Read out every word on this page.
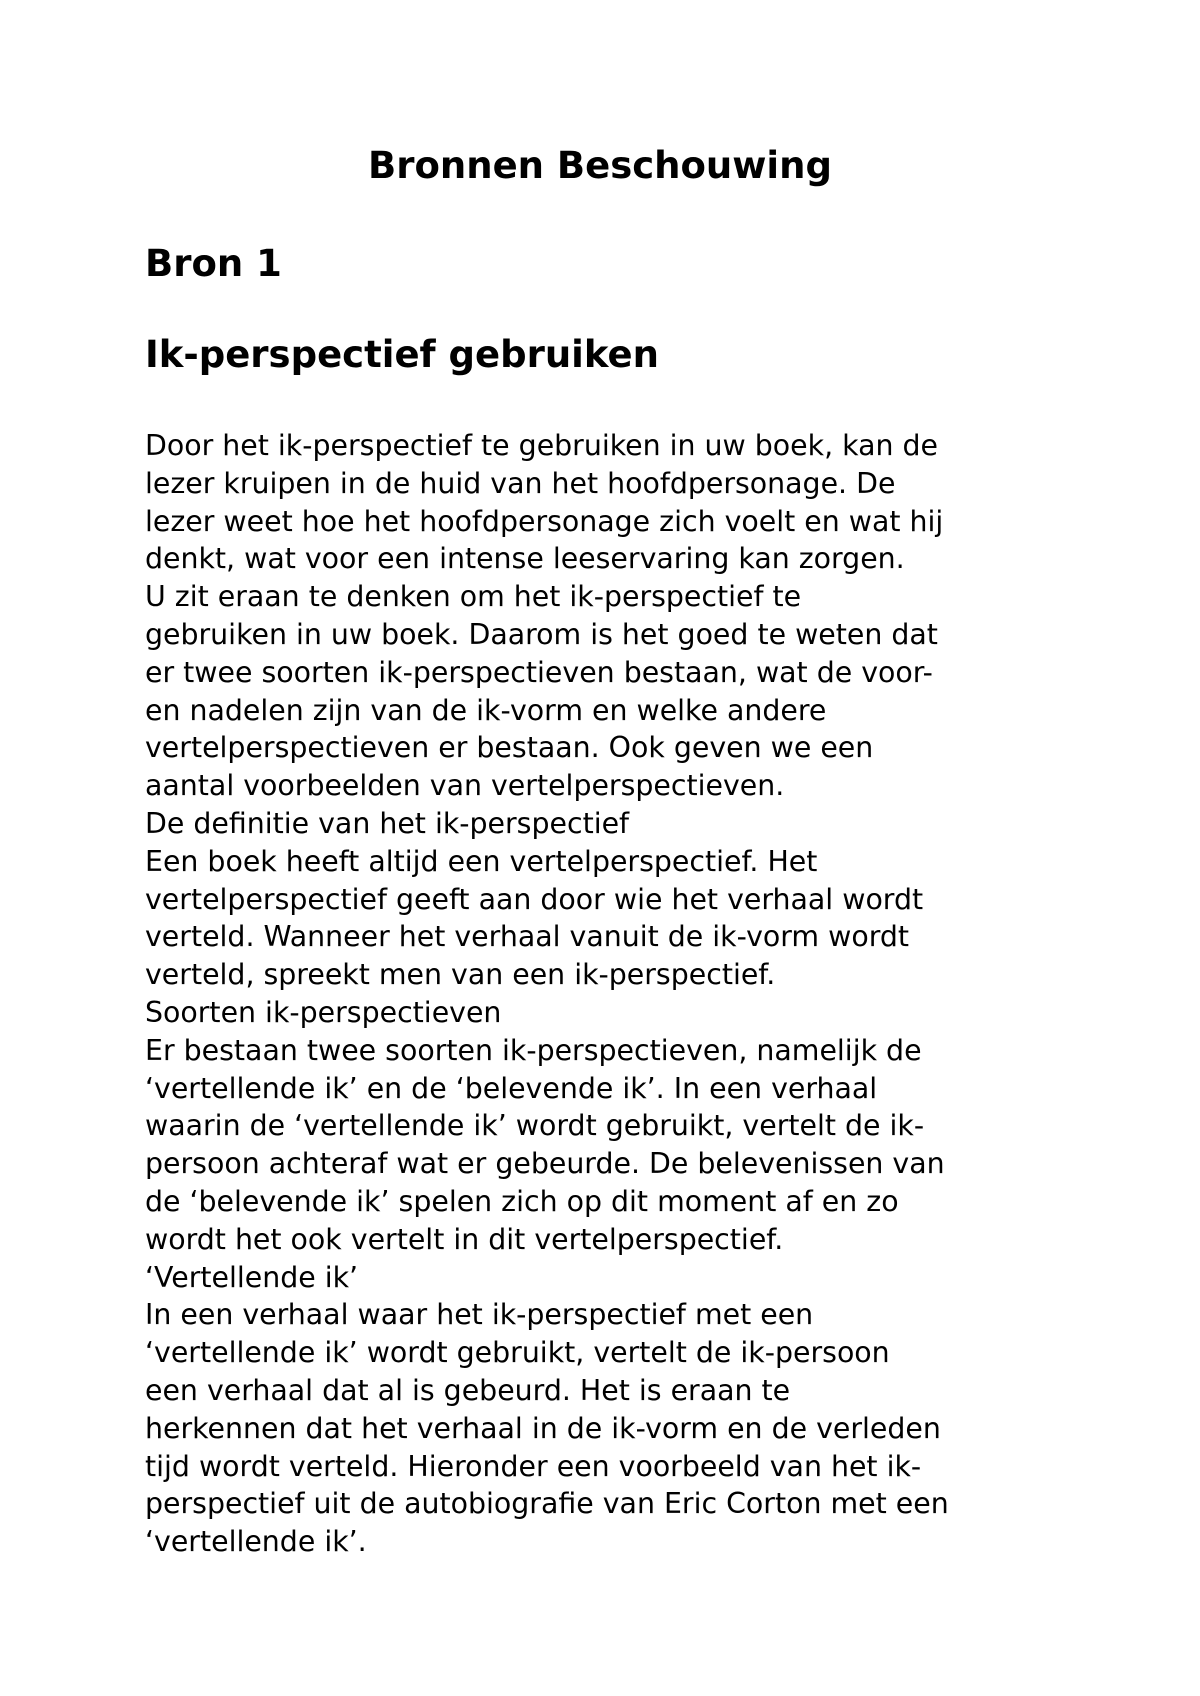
Bronnen Beschouwing
Bron 1
Ik-perspectief gebruiken
Door het ik-perspectief te gebruiken in uw boek, kan de
lezer kruipen in de huid van het hoofdpersonage. De
lezer weet hoe het hoofdpersonage zich voelt en wat hij
denkt, wat voor een intense leeservaring kan zorgen.
U zit eraan te denken om het ik-perspectief te
gebruiken in uw boek. Daarom is het goed te weten dat
er twee soorten ik-perspectieven bestaan, wat de voor-
en nadelen zijn van de ik-vorm en welke andere
vertelperspectieven er bestaan. Ook geven we een
aantal voorbeelden van vertelperspectieven.
De definitie van het ik-perspectief
Een boek heeft altijd een vertelperspectief. Het
vertelperspectief geeft aan door wie het verhaal wordt
verteld. Wanneer het verhaal vanuit de ik-vorm wordt
verteld, spreekt men van een ik-perspectief.
Soorten ik-perspectieven
Er bestaan twee soorten ik-perspectieven, namelijk de
‘vertellende ik’ en de ‘belevende ik’. In een verhaal
waarin de ‘vertellende ik’ wordt gebruikt, vertelt de ik-
persoon achteraf wat er gebeurde. De belevenissen van
de ‘belevende ik’ spelen zich op dit moment af en zo
wordt het ook vertelt in dit vertelperspectief.
‘Vertellende ik’
In een verhaal waar het ik-perspectief met een
‘vertellende ik’ wordt gebruikt, vertelt de ik-persoon
een verhaal dat al is gebeurd. Het is eraan te
herkennen dat het verhaal in de ik-vorm en de verleden
tijd wordt verteld. Hieronder een voorbeeld van het ik-
perspectief uit de autobiografie van Eric Corton met een
‘vertellende ik’.
